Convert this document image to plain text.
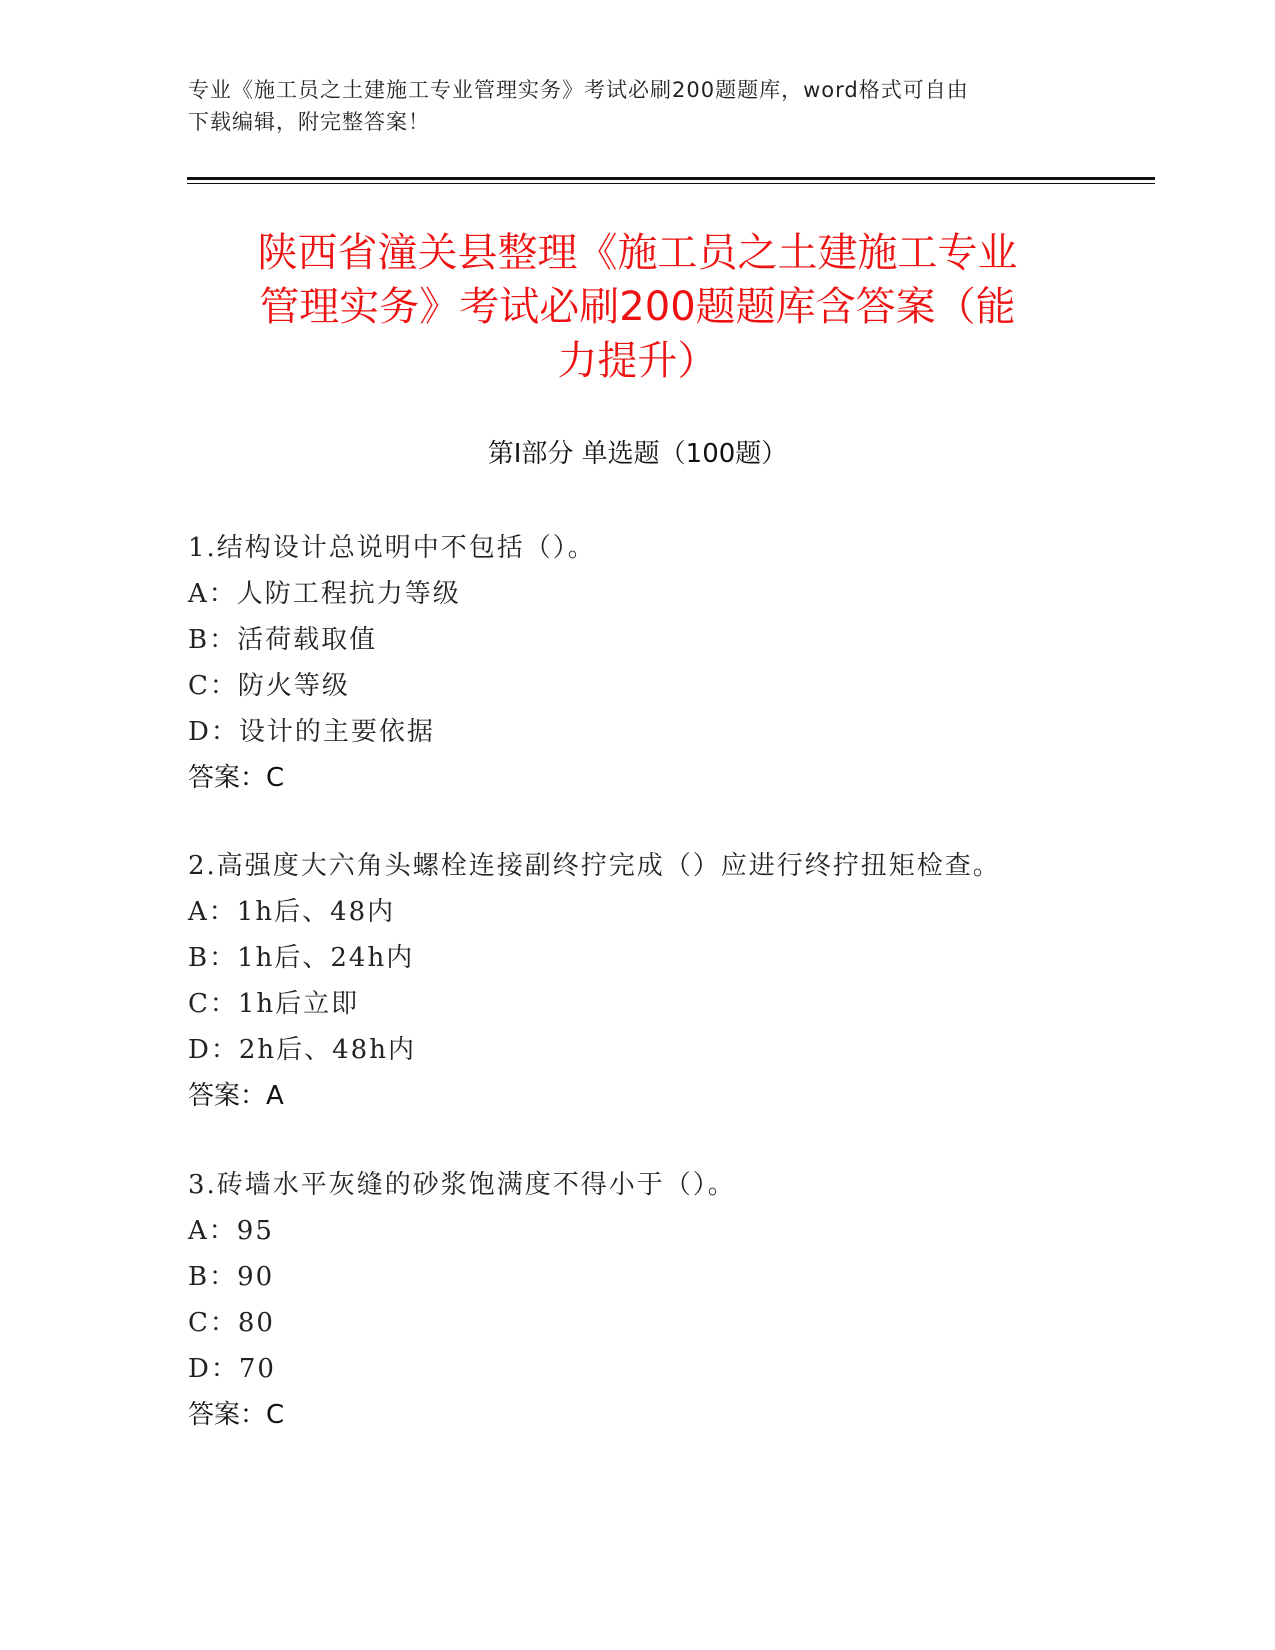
专业《施工员之土建施工专业管理实务》考试必刷200题题库，word格式可自由
下载编辑，附完整答案！
陕西省潼关县整理《施工员之土建施工专业
管理实务》考试必刷200题题库含答案（能
力提升）
第Ⅰ部分 单选题（100题）
1.结构设计总说明中不包括（）。
A：人防工程抗力等级
B：活荷载取值
C：防火等级
D：设计的主要依据
答案：C
2.高强度大六角头螺栓连接副终拧完成（）应进行终拧扭矩检查。
A：1h后、48内
B：1h后、24h内
C：1h后立即
D：2h后、48h内
答案：A
3.砖墙水平灰缝的砂浆饱满度不得小于（）。
A：95
B：90
C：80
D：70
答案：C
